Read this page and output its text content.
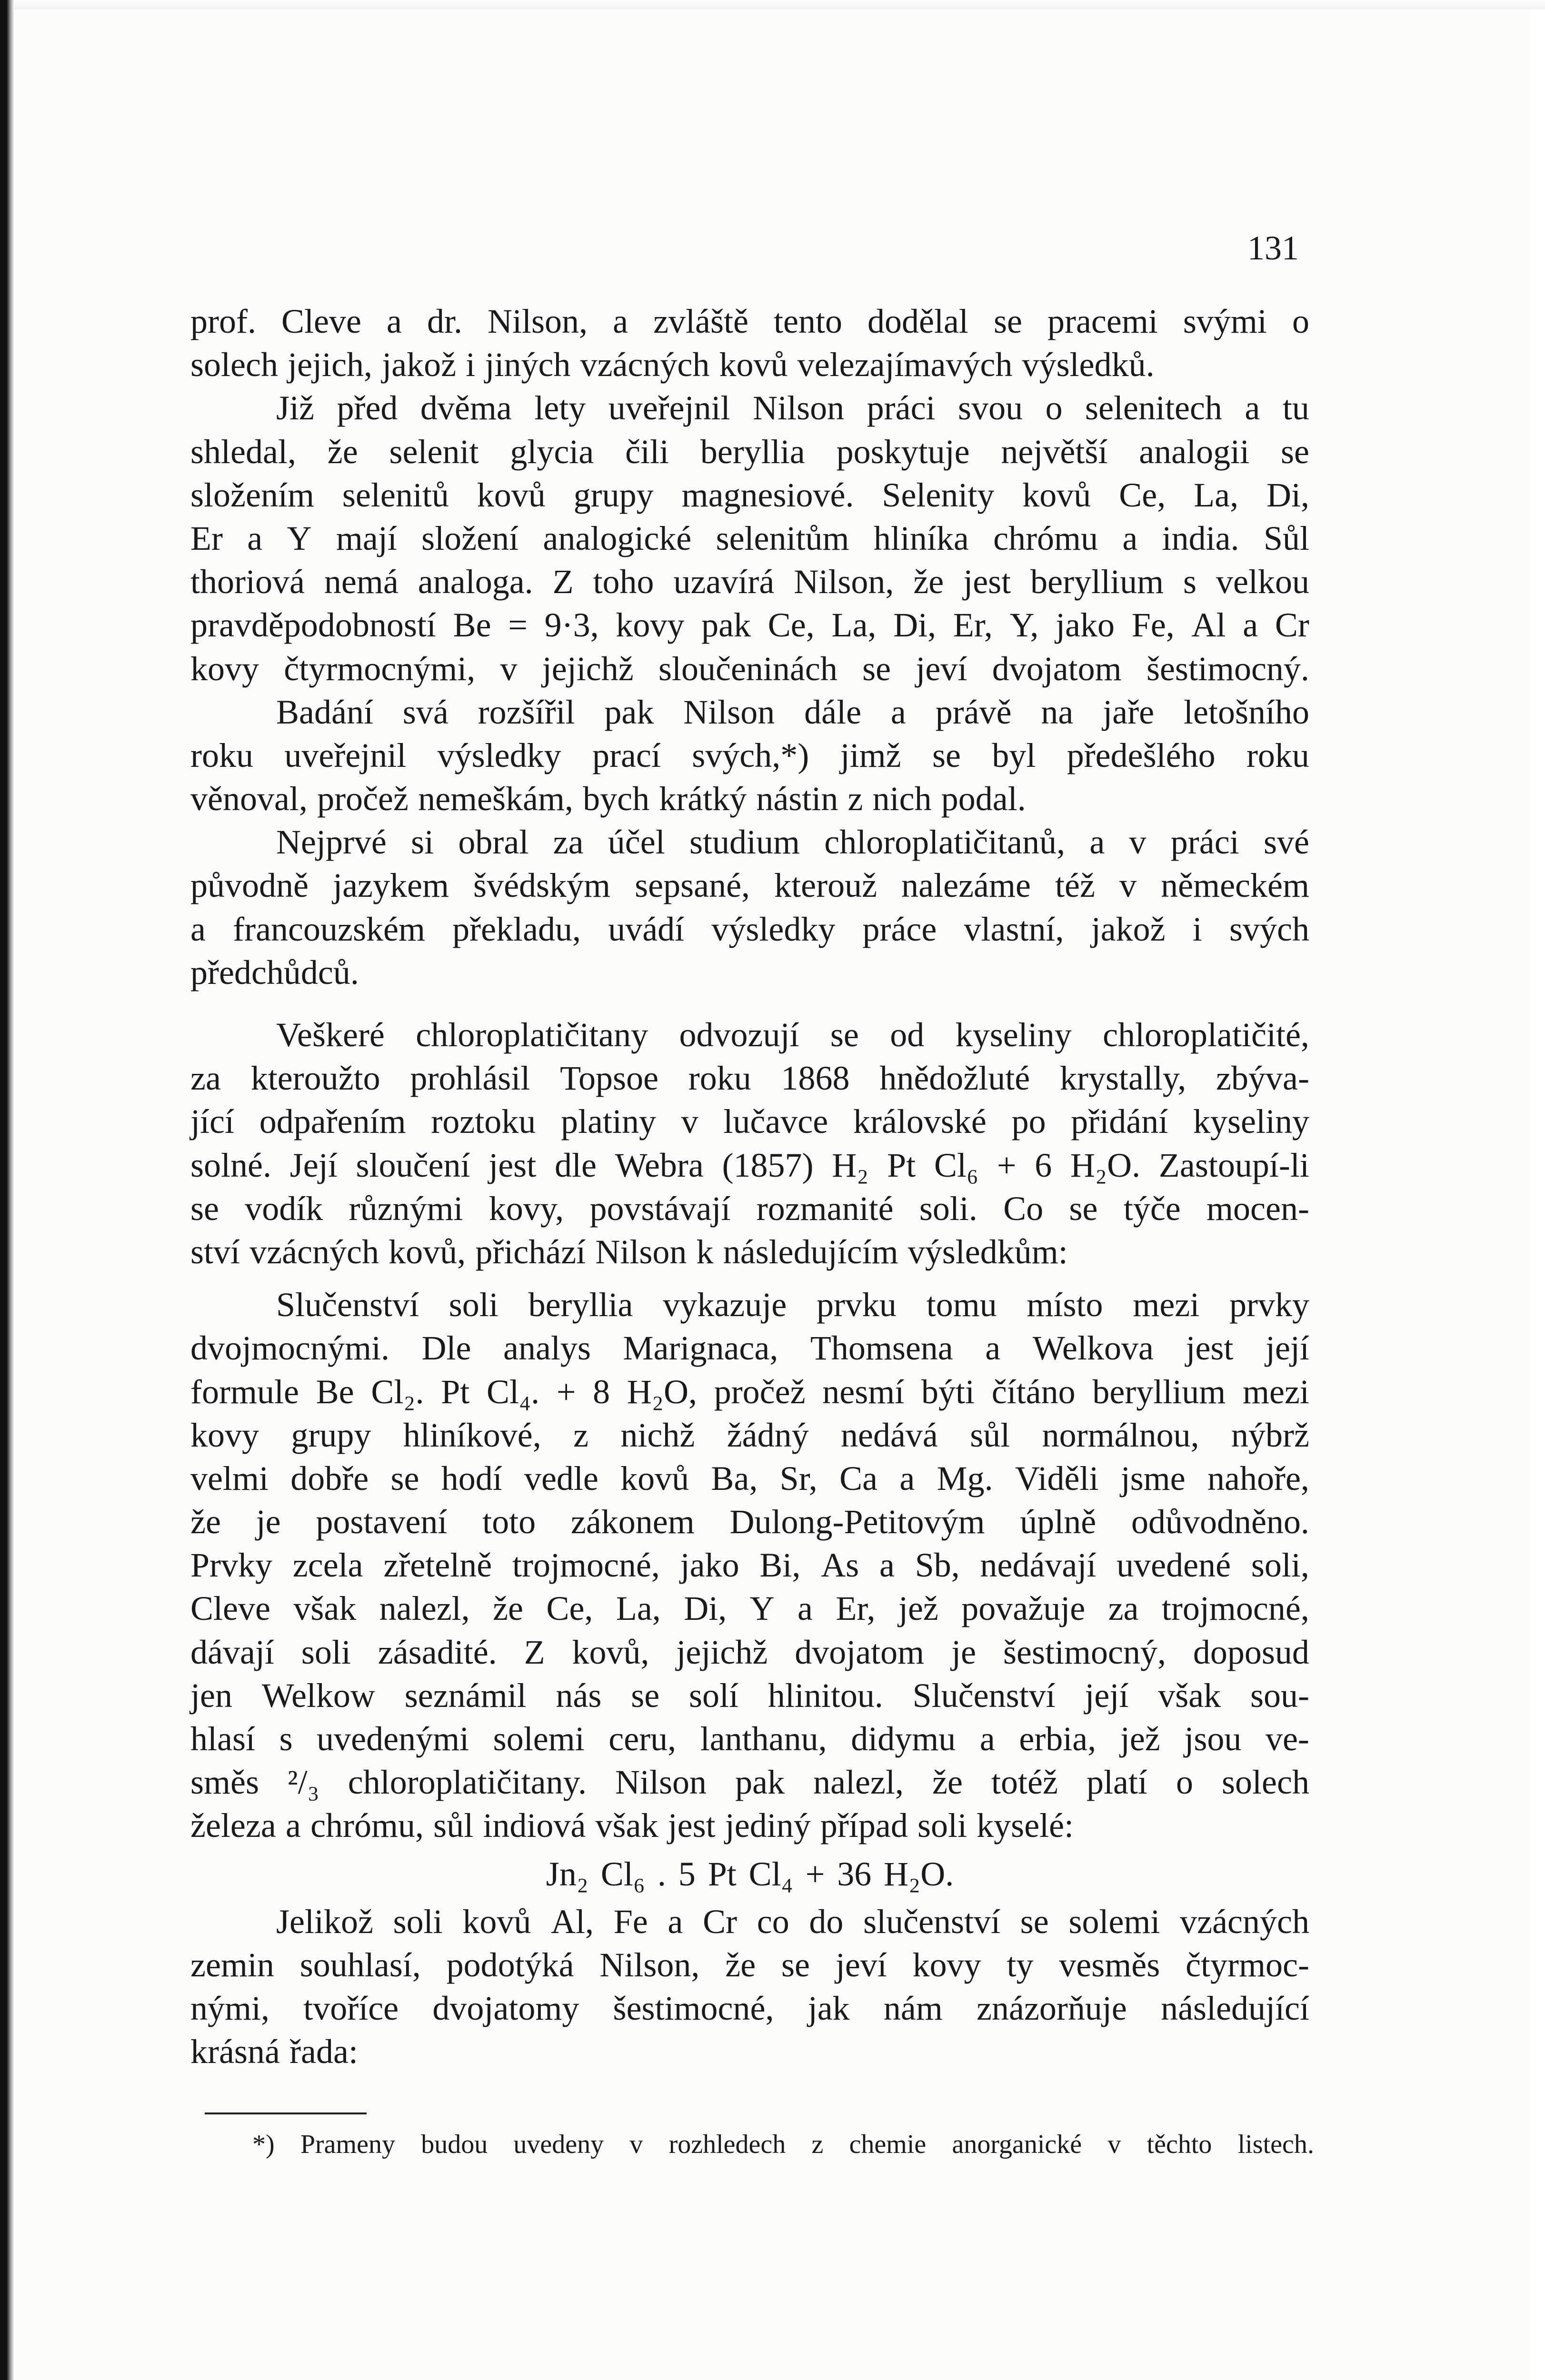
131
prof. Cleve a dr. Nilson, a zvláště tento dodělal se pracemi svými o
solech jejich, jakož i jiných vzácných kovů velezajímavých výsledků.
Již před dvěma lety uveřejnil Nilson práci svou o selenitech a tu
shledal, že selenit glycia čili beryllia poskytuje největší analogii se
složením selenitů kovů grupy magnesiové. Selenity kovů Ce, La, Di,
Er a Y mají složení analogické selenitům hliníka chrómu a india. Sůl
thoriová nemá analoga. Z toho uzavírá Nilson, že jest beryllium s velkou
pravděpodobností Be = 9·3, kovy pak Ce, La, Di, Er, Y, jako Fe, Al a Cr
kovy čtyrmocnými, v jejichž sloučeninách se jeví dvojatom šestimocný.
Badání svá rozšířil pak Nilson dále a právě na jaře letošního
roku uveřejnil výsledky prací svých,*) jimž se byl předešlého roku
věnoval, pročež nemeškám, bych krátký nástin z nich podal.
Nejprvé si obral za účel studium chloroplatičitanů, a v práci své
původně jazykem švédským sepsané, kterouž nalezáme též v německém
a francouzském překladu, uvádí výsledky práce vlastní, jakož i svých
předchůdců.
Veškeré chloroplatičitany odvozují se od kyseliny chloroplatičité,
za kteroužto prohlásil Topsoe roku 1868 hnědožluté krystally, zbýva-
jící odpařením roztoku platiny v lučavce královské po přidání kyseliny
solné. Její sloučení jest dle Webra (1857) H₂ Pt Cl₆ + 6 H₂O. Zastoupí-li
se vodík různými kovy, povstávají rozmanité soli. Co se týče mocen-
ství vzácných kovů, přichází Nilson k následujícím výsledkům:
Slučenství soli beryllia vykazuje prvku tomu místo mezi prvky
dvojmocnými. Dle analys Marignaca, Thomsena a Welkova jest její
formule Be Cl₂. Pt Cl₄. + 8 H₂O, pročež nesmí býti čítáno beryllium mezi
kovy grupy hliníkové, z nichž žádný nedává sůl normálnou, nýbrž
velmi dobře se hodí vedle kovů Ba, Sr, Ca a Mg. Viděli jsme nahoře,
že je postavení toto zákonem Dulong-Petitovým úplně odůvodněno.
Prvky zcela zřetelně trojmocné, jako Bi, As a Sb, nedávají uvedené soli,
Cleve však nalezl, že Ce, La, Di, Y a Er, jež považuje za trojmocné,
dávají soli zásadité. Z kovů, jejichž dvojatom je šestimocný, doposud
jen Welkow seznámil nás se solí hlinitou. Slučenství její však sou-
hlasí s uvedenými solemi ceru, lanthanu, didymu a erbia, jež jsou ve-
směs ²/₃ chloroplatičitany. Nilson pak nalezl, že totéž platí o solech
železa a chrómu, sůl indiová však jest jediný případ soli kyselé:
Jn₂ Cl₆ . 5 Pt Cl₄ + 36 H₂O.
Jelikož soli kovů Al, Fe a Cr co do slučenství se solemi vzácných
zemin souhlasí, podotýká Nilson, že se jeví kovy ty vesměs čtyrmoc-
nými, tvoříce dvojatomy šestimocné, jak nám znázorňuje následující
krásná řada:
*) Prameny budou uvedeny v rozhledech z chemie anorganické v těchto listech.
